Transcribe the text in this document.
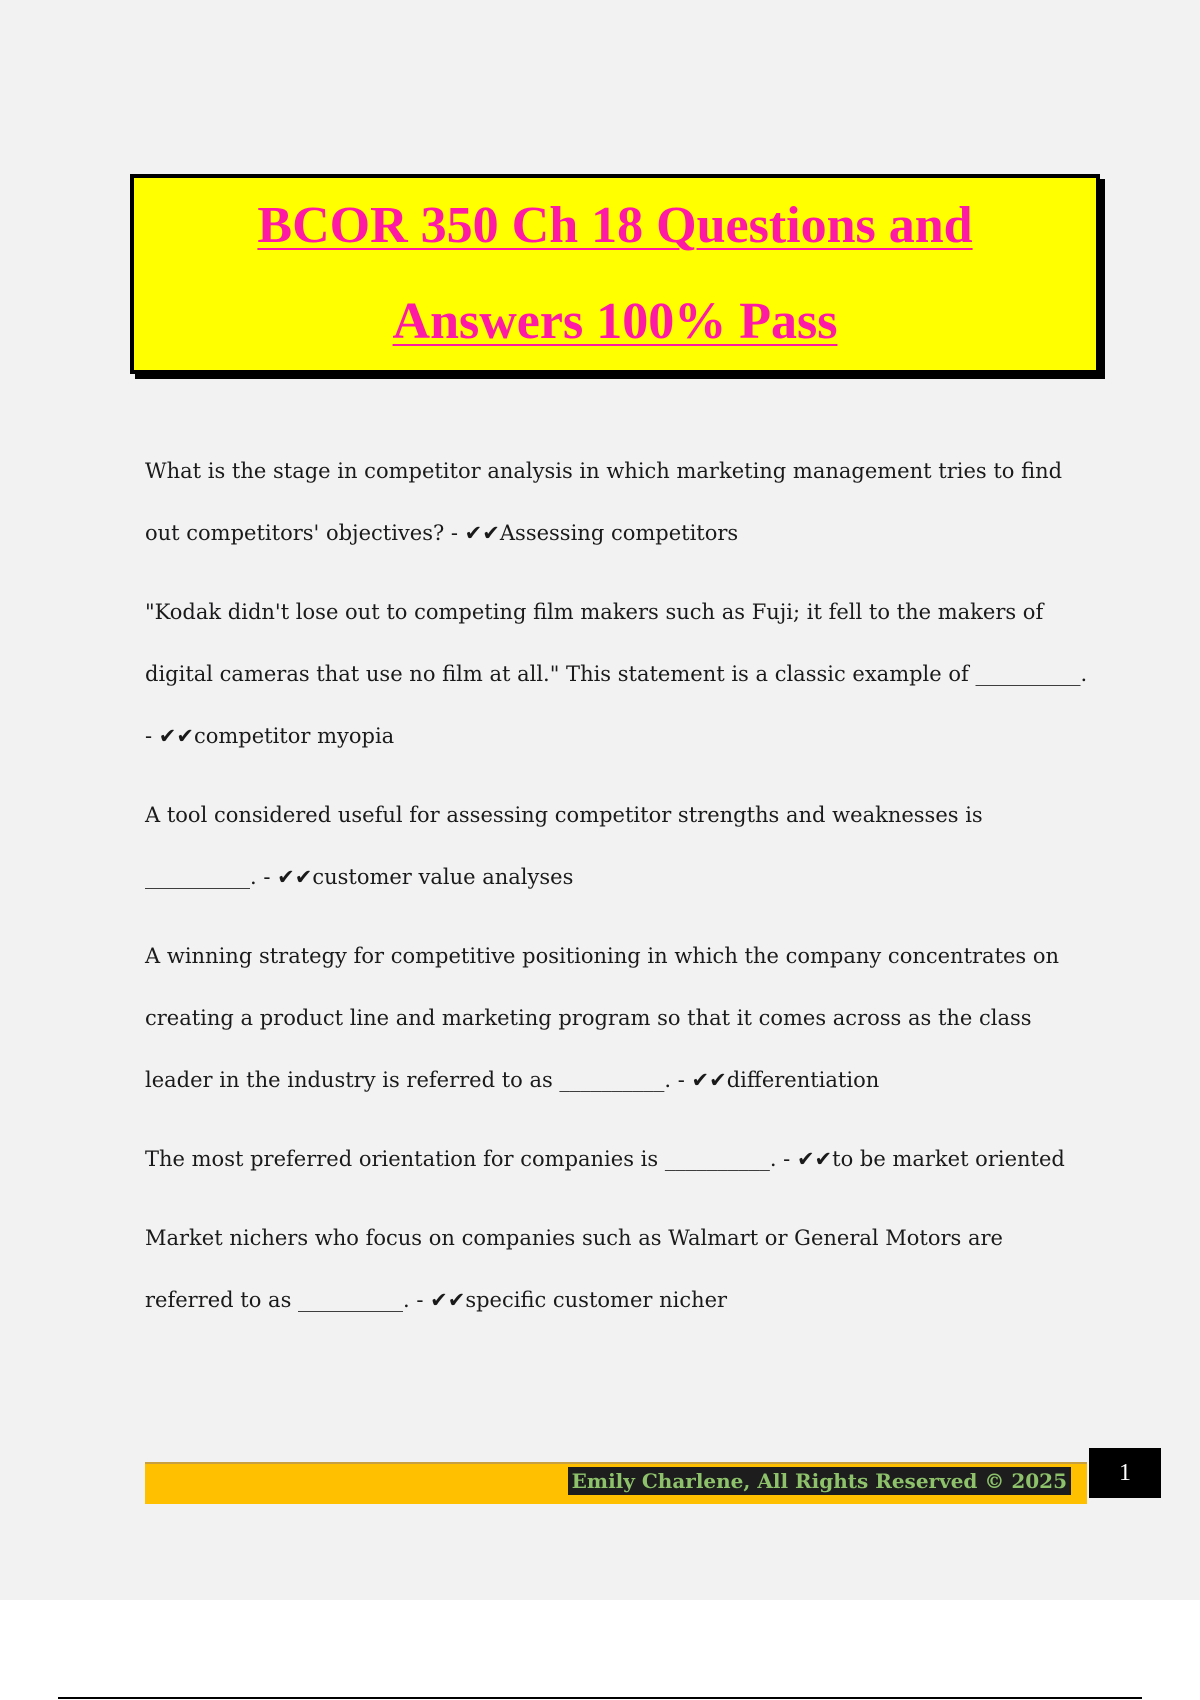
BCOR 350 Ch 18 Questions and
Answers 100% Pass

What is the stage in competitor analysis in which marketing management tries to find out competitors' objectives? - ✔✔Assessing competitors

"Kodak didn't lose out to competing film makers such as Fuji; it fell to the makers of digital cameras that use no film at all." This statement is a classic example of __________. - ✔✔competitor myopia

A tool considered useful for assessing competitor strengths and weaknesses is __________. - ✔✔customer value analyses

A winning strategy for competitive positioning in which the company concentrates on creating a product line and marketing program so that it comes across as the class leader in the industry is referred to as __________. - ✔✔differentiation

The most preferred orientation for companies is __________. - ✔✔to be market oriented

Market nichers who focus on companies such as Walmart or General Motors are referred to as __________. - ✔✔specific customer nicher

Emily Charlene, All Rights Reserved © 2025	1
